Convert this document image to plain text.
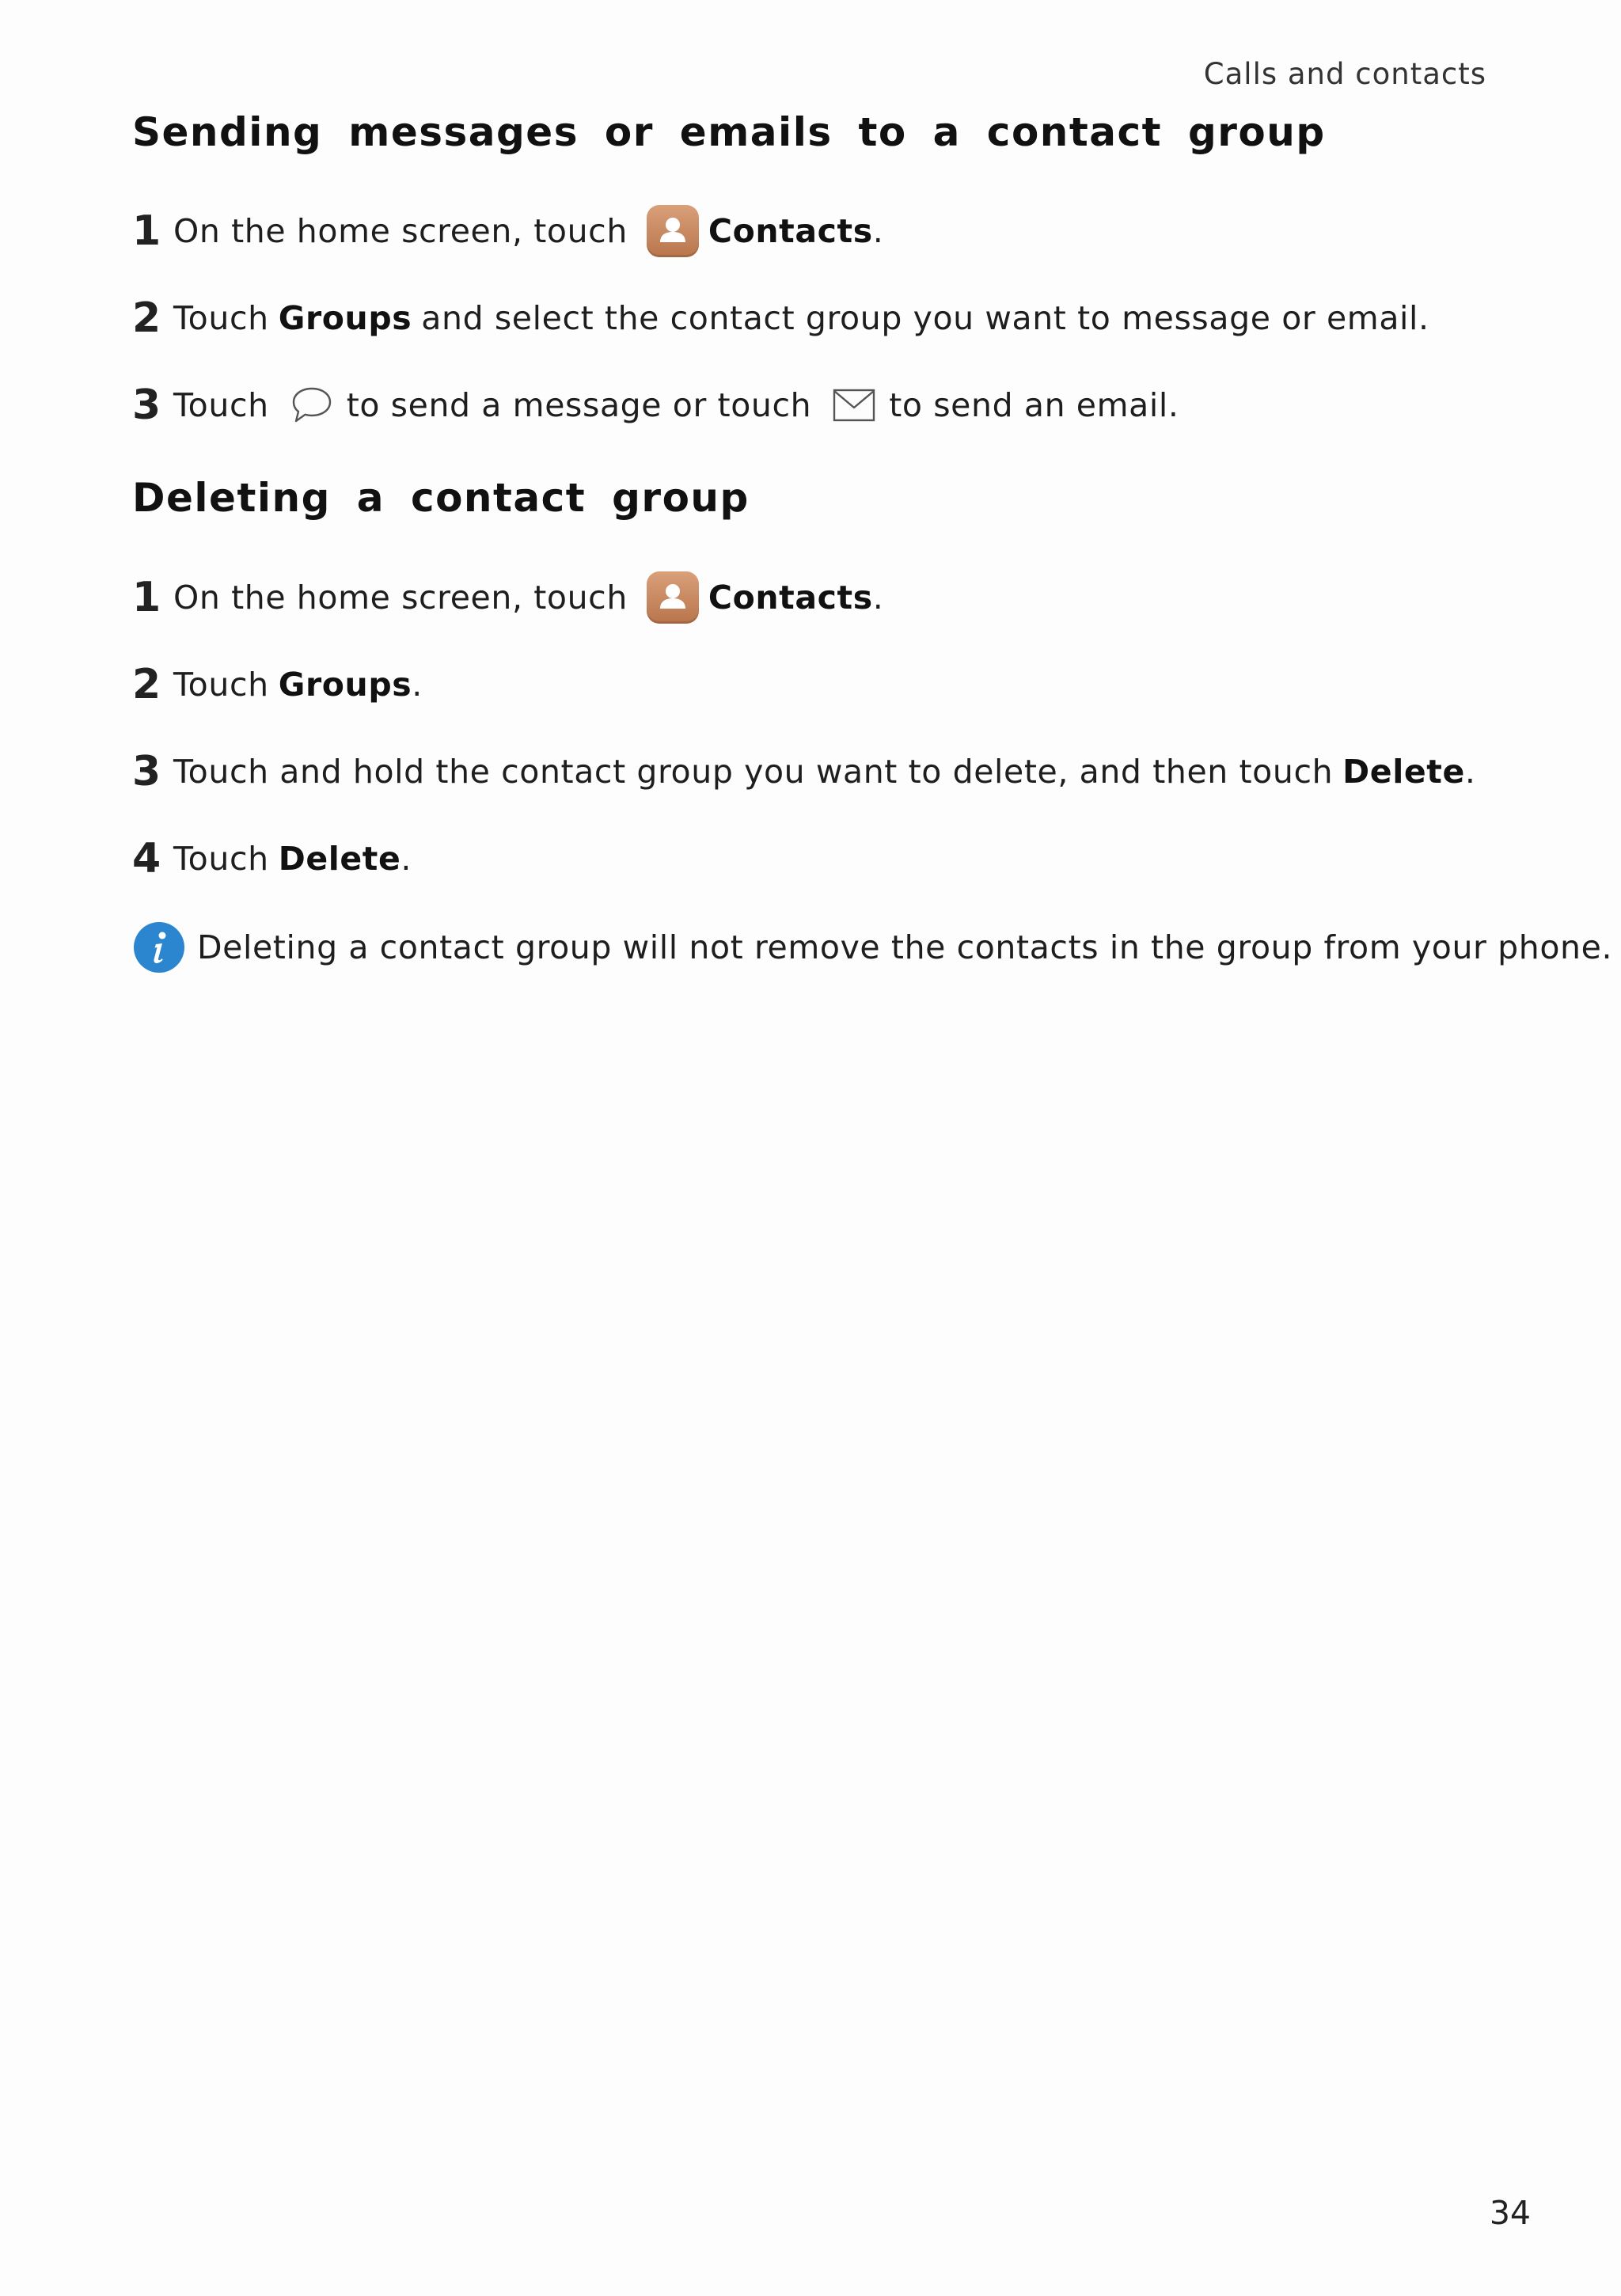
Calls and contacts
Sending messages or emails to a contact group
1 On the home screen, touch Contacts .
2 Touch Groups and select the contact group you want to message or email.
3 Touch to send a message or touch to send an email.
Deleting a contact group
1 On the home screen, touch Contacts .
2 Touch Groups .
3 Touch and hold the contact group you want to delete, and then touch Delete .
4 Touch Delete .
Deleting a contact group will not remove the contacts in the group from your phone.
34
